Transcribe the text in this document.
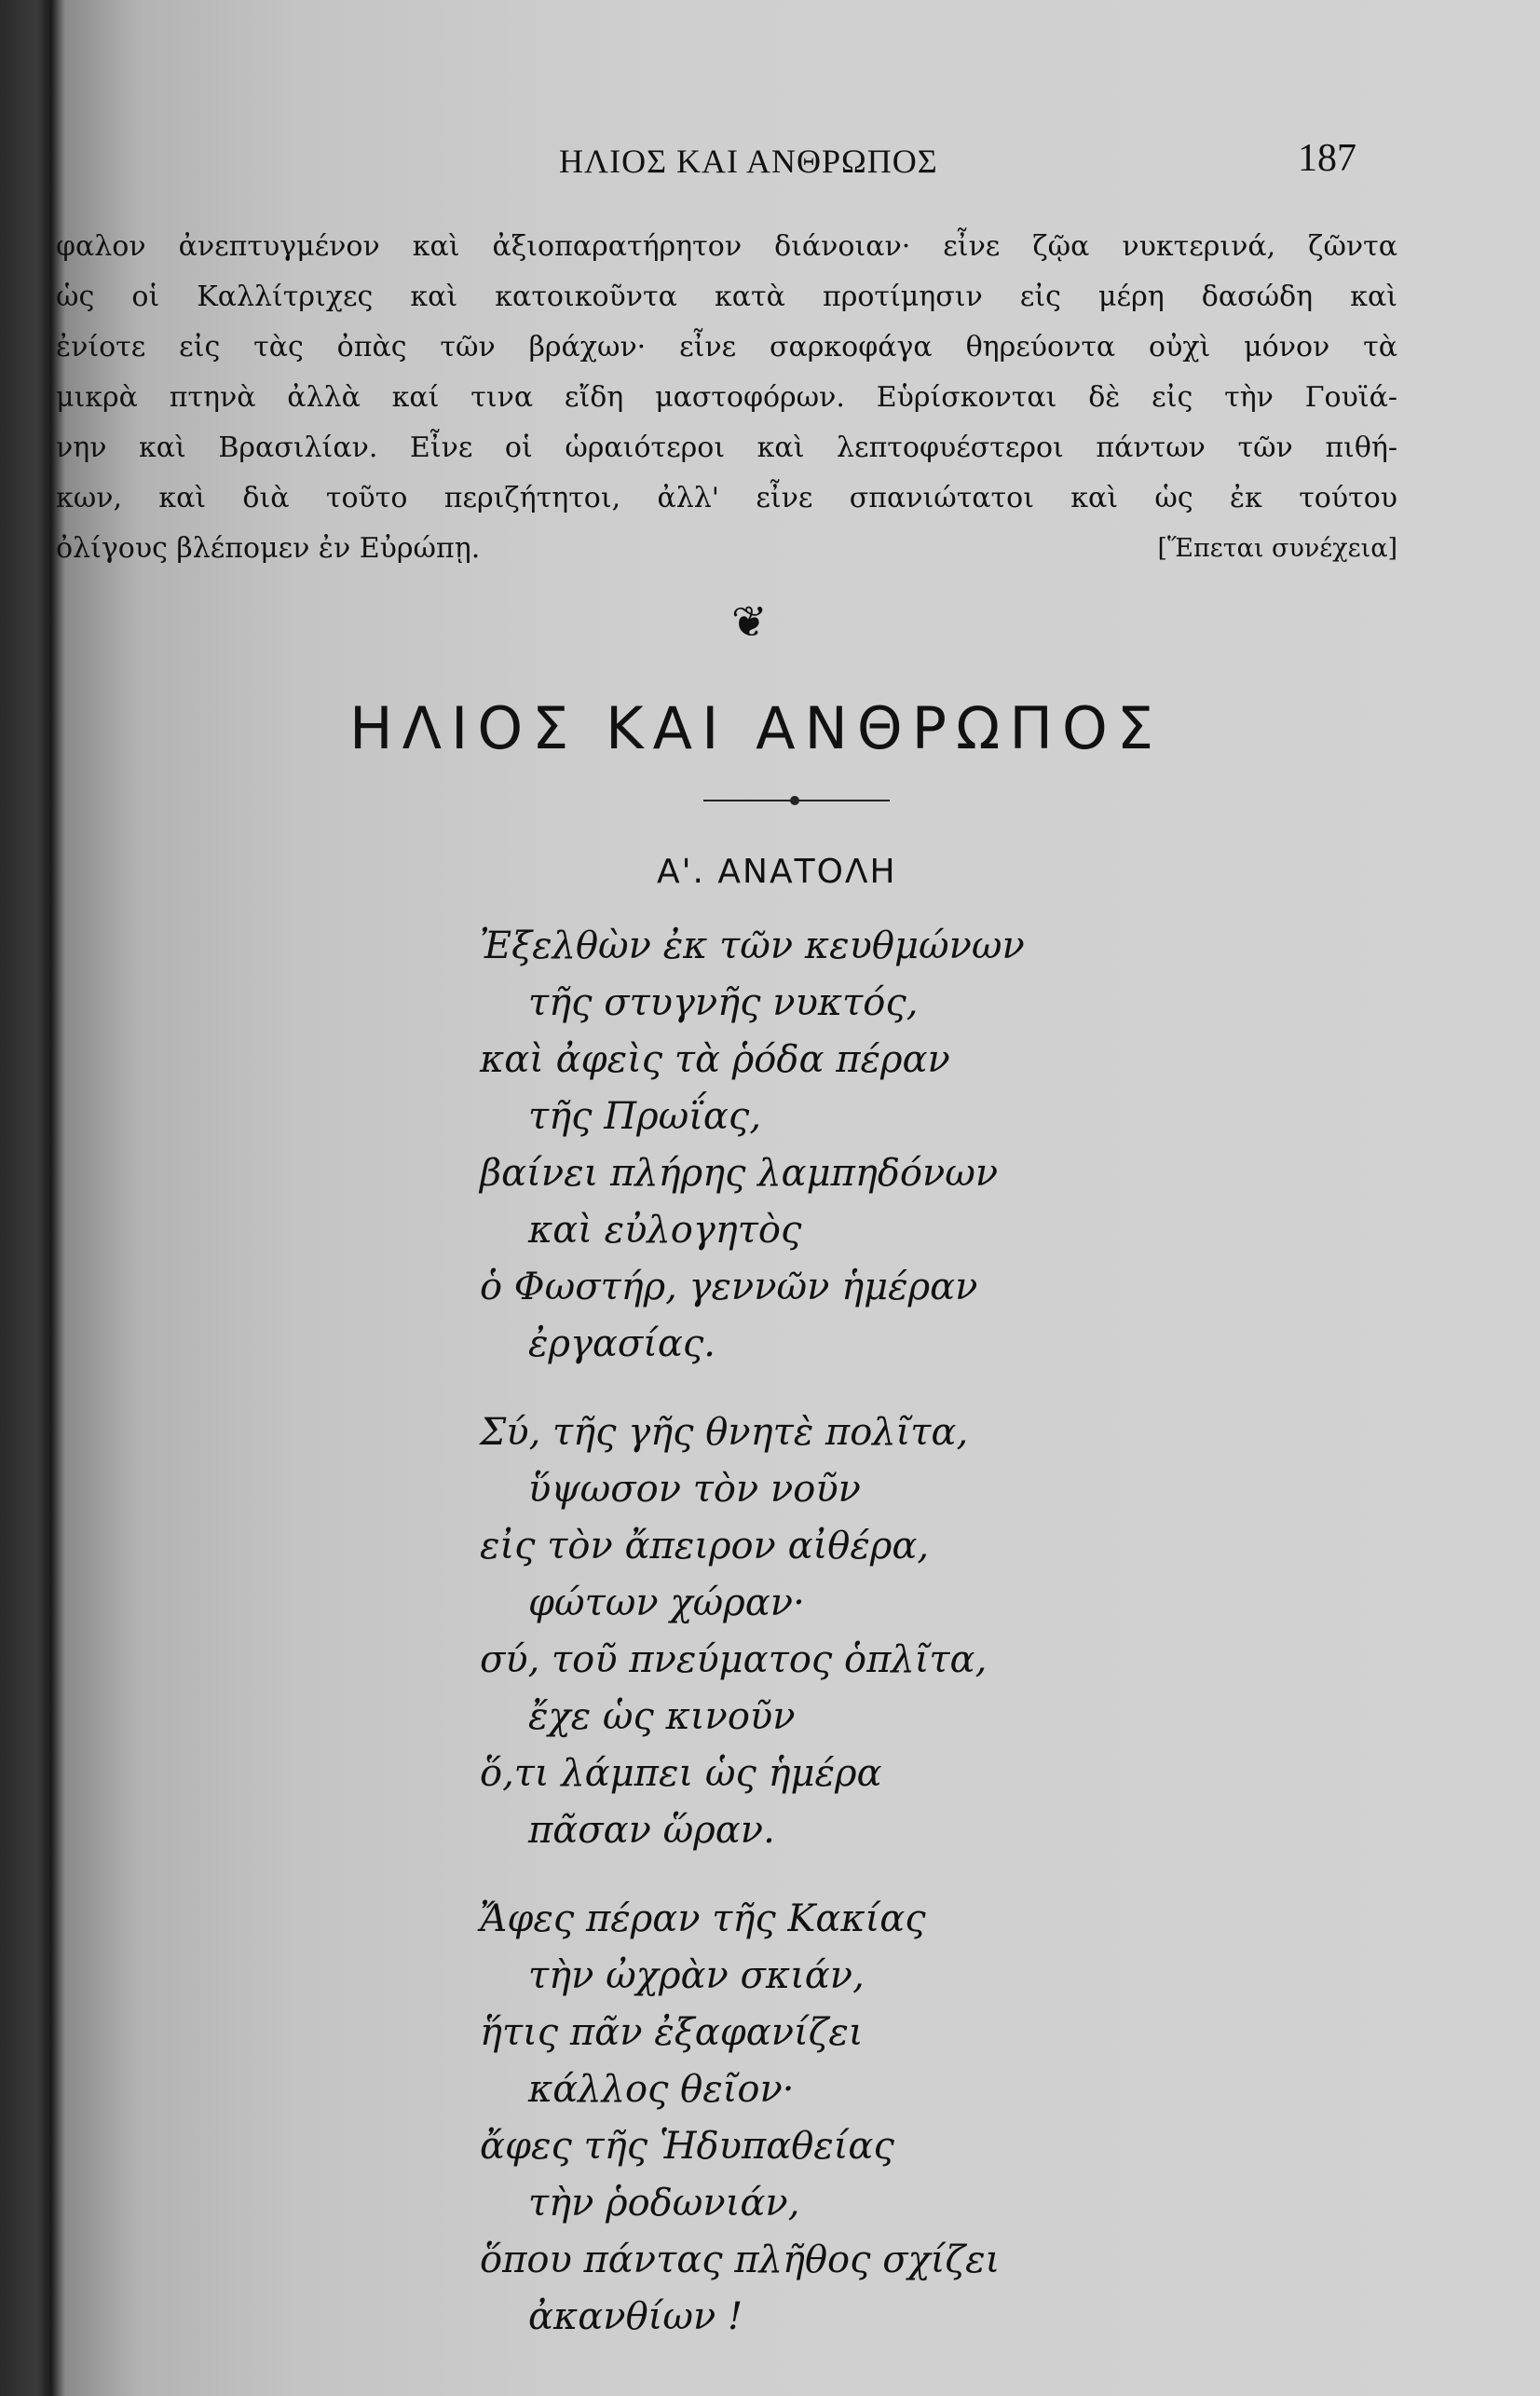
ΗΛΙΟΣ ΚΑΙ ΑΝΘΡΩΠΟΣ	187
φαλον ἀνεπτυγμένον καὶ ἀξιοπαρατήρητον διάνοιαν· εἶνε ζῷα νυκτερινά, ζῶντα
ὡς οἱ Καλλίτριχες καὶ κατοικοῦντα κατὰ προτίμησιν εἰς μέρη δασώδη καὶ
ἐνίοτε εἰς τὰς ὀπὰς τῶν βράχων· εἶνε σαρκοφάγα θηρεύοντα οὐχὶ μόνον τὰ
μικρὰ πτηνὰ ἀλλὰ καί τινα εἴδη μαστοφόρων. Εὑρίσκονται δὲ εἰς τὴν Γουϊά-
νην καὶ Βρασιλίαν. Εἶνε οἱ ὡραιότεροι καὶ λεπτοφυέστεροι πάντων τῶν πιθή-
κων, καὶ διὰ τοῦτο περιζήτητοι, ἀλλ' εἶνε σπανιώτατοι καὶ ὡς ἐκ τούτου
ὀλίγους βλέπομεν ἐν Εὐρώπῃ.	[Ἕπεται συνέχεια]
❦
ΗΛΙΟΣ ΚΑΙ ΑΝΘΡΩΠΟΣ
Α'. ΑΝΑΤΟΛΗ
Ἐξελθὼν ἐκ τῶν κευθμώνων
τῆς στυγνῆς νυκτός,
καὶ ἀφεὶς τὰ ῥόδα πέραν
τῆς Πρωΐας,
βαίνει πλήρης λαμπηδόνων
καὶ εὐλογητὸς
ὁ Φωστήρ, γεννῶν ἡμέραν
ἐργασίας.
Σύ, τῆς γῆς θνητὲ πολῖτα,
ὕψωσον τὸν νοῦν
εἰς τὸν ἄπειρον αἰθέρα,
φώτων χώραν·
σύ, τοῦ πνεύματος ὁπλῖτα,
ἔχε ὡς κινοῦν
ὅ,τι λάμπει ὡς ἡμέρα
πᾶσαν ὥραν.
Ἄφες πέραν τῆς Κακίας
τὴν ὠχρὰν σκιάν,
ἥτις πᾶν ἐξαφανίζει
κάλλος θεῖον·
ἄφες τῆς Ἡδυπαθείας
τὴν ῥοδωνιάν,
ὅπου πάντας πλῆθος σχίζει
ἀκανθίων !
